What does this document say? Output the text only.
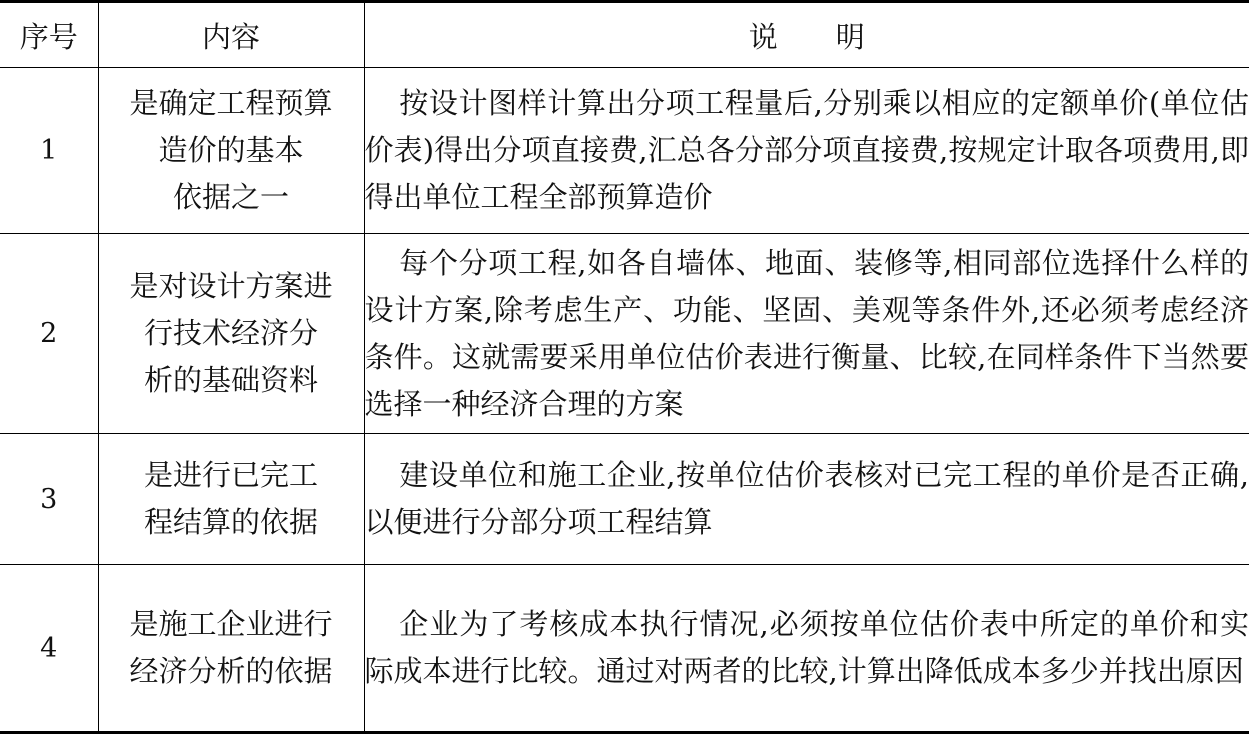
序号	内容	说 明
1	是确定工程预算
造价的基本
依据之一	按设计图样计算出分项工程量后,分别乘以相应的定额单价(单位估价表)得出分项直接费,汇总各分部分项直接费,按规定计取各项费用,即得出单位工程全部预算造价
2	是对设计方案进
行技术经济分
析的基础资料	每个分项工程,如各自墙体、地面、装修等,相同部位选择什么样的设计方案,除考虑生产、功能、坚固、美观等条件外,还必须考虑经济条件。这就需要采用单位估价表进行衡量、比较,在同样条件下当然要选择一种经济合理的方案
3	是进行已完工
程结算的依据	建设单位和施工企业,按单位估价表核对已完工程的单价是否正确,以便进行分部分项工程结算
4	是施工企业进行
经济分析的依据	企业为了考核成本执行情况,必须按单位估价表中所定的单价和实际成本进行比较。通过对两者的比较,计算出降低成本多少并找出原因
